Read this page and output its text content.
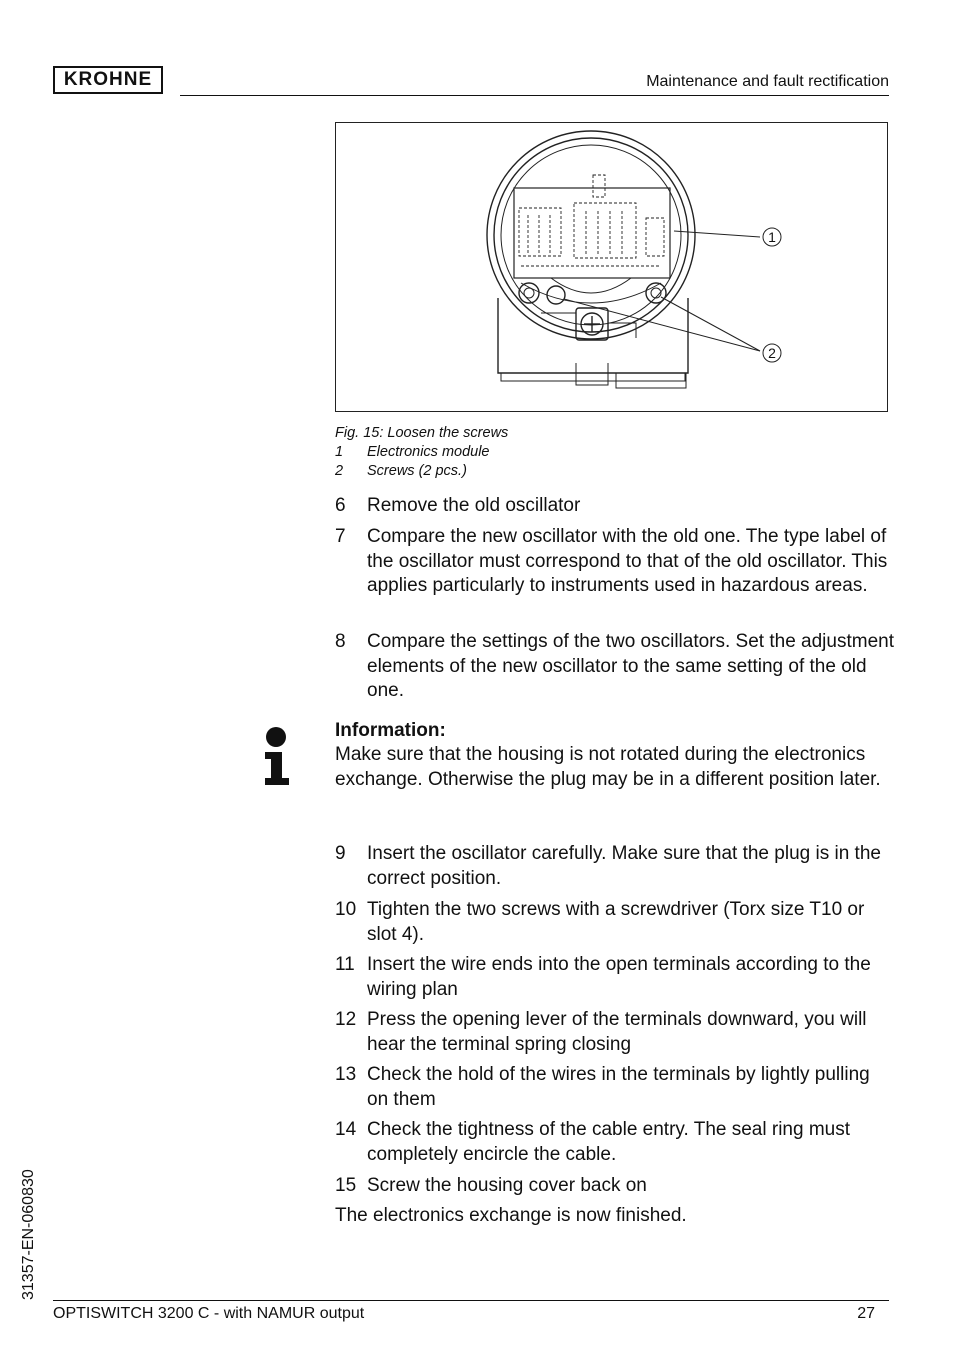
KROHNE	Maintenance and fault rectification
1
2
Fig. 15: Loosen the screws
1 Electronics module
2 Screws (2 pcs.)
6 Remove the old oscillator
7 Compare the new oscillator with the old one. The type label of the oscillator must correspond to that of the old oscillator. This applies particularly to instruments used in hazardous areas.
8 Compare the settings of the two oscillators. Set the adjustment elements of the new oscillator to the same setting of the old one.
Information:
Make sure that the housing is not rotated during the electronics exchange. Otherwise the plug may be in a different position later.
9 Insert the oscillator carefully. Make sure that the plug is in the correct position.
10 Tighten the two screws with a screwdriver (Torx size T10 or slot 4).
11 Insert the wire ends into the open terminals according to the wiring plan
12 Press the opening lever of the terminals downward, you will hear the terminal spring closing
13 Check the hold of the wires in the terminals by lightly pulling on them
14 Check the tightness of the cable entry. The seal ring must completely encircle the cable.
15 Screw the housing cover back on
The electronics exchange is now finished.
31357-EN-060830
OPTISWITCH 3200 C - with NAMUR output	27
